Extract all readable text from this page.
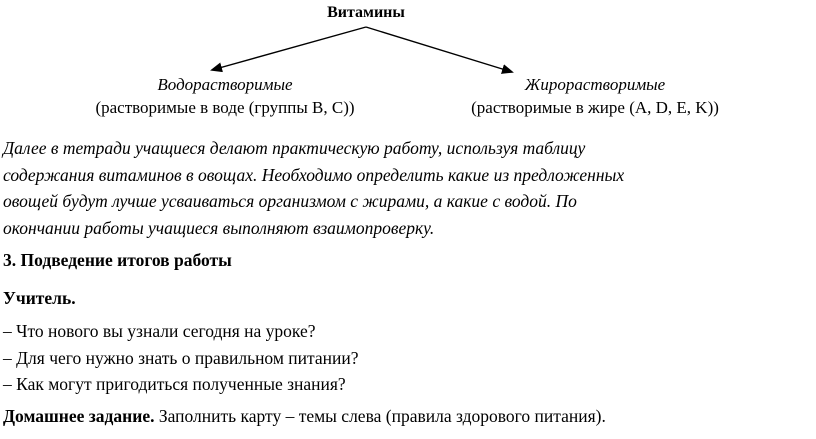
Витамины
Водорастворимые
(растворимые в воде (группы В, С))
Жирорастворимые
(растворимые в жире (A, D, E, K))
Далее в тетради учащиеся делают практическую работу, используя таблицу
содержания витаминов в овощах. Необходимо определить какие из предложенных
овощей будут лучше усваиваться организмом с жирами, а какие с водой. По
окончании работы учащиеся выполняют взаимопроверку.
3. Подведение итогов работы
Учитель.
– Что нового вы узнали сегодня на уроке?
– Для чего нужно знать о правильном питании?
– Как могут пригодиться полученные знания?
Домашнее задание. Заполнить карту – темы слева (правила здорового питания).
